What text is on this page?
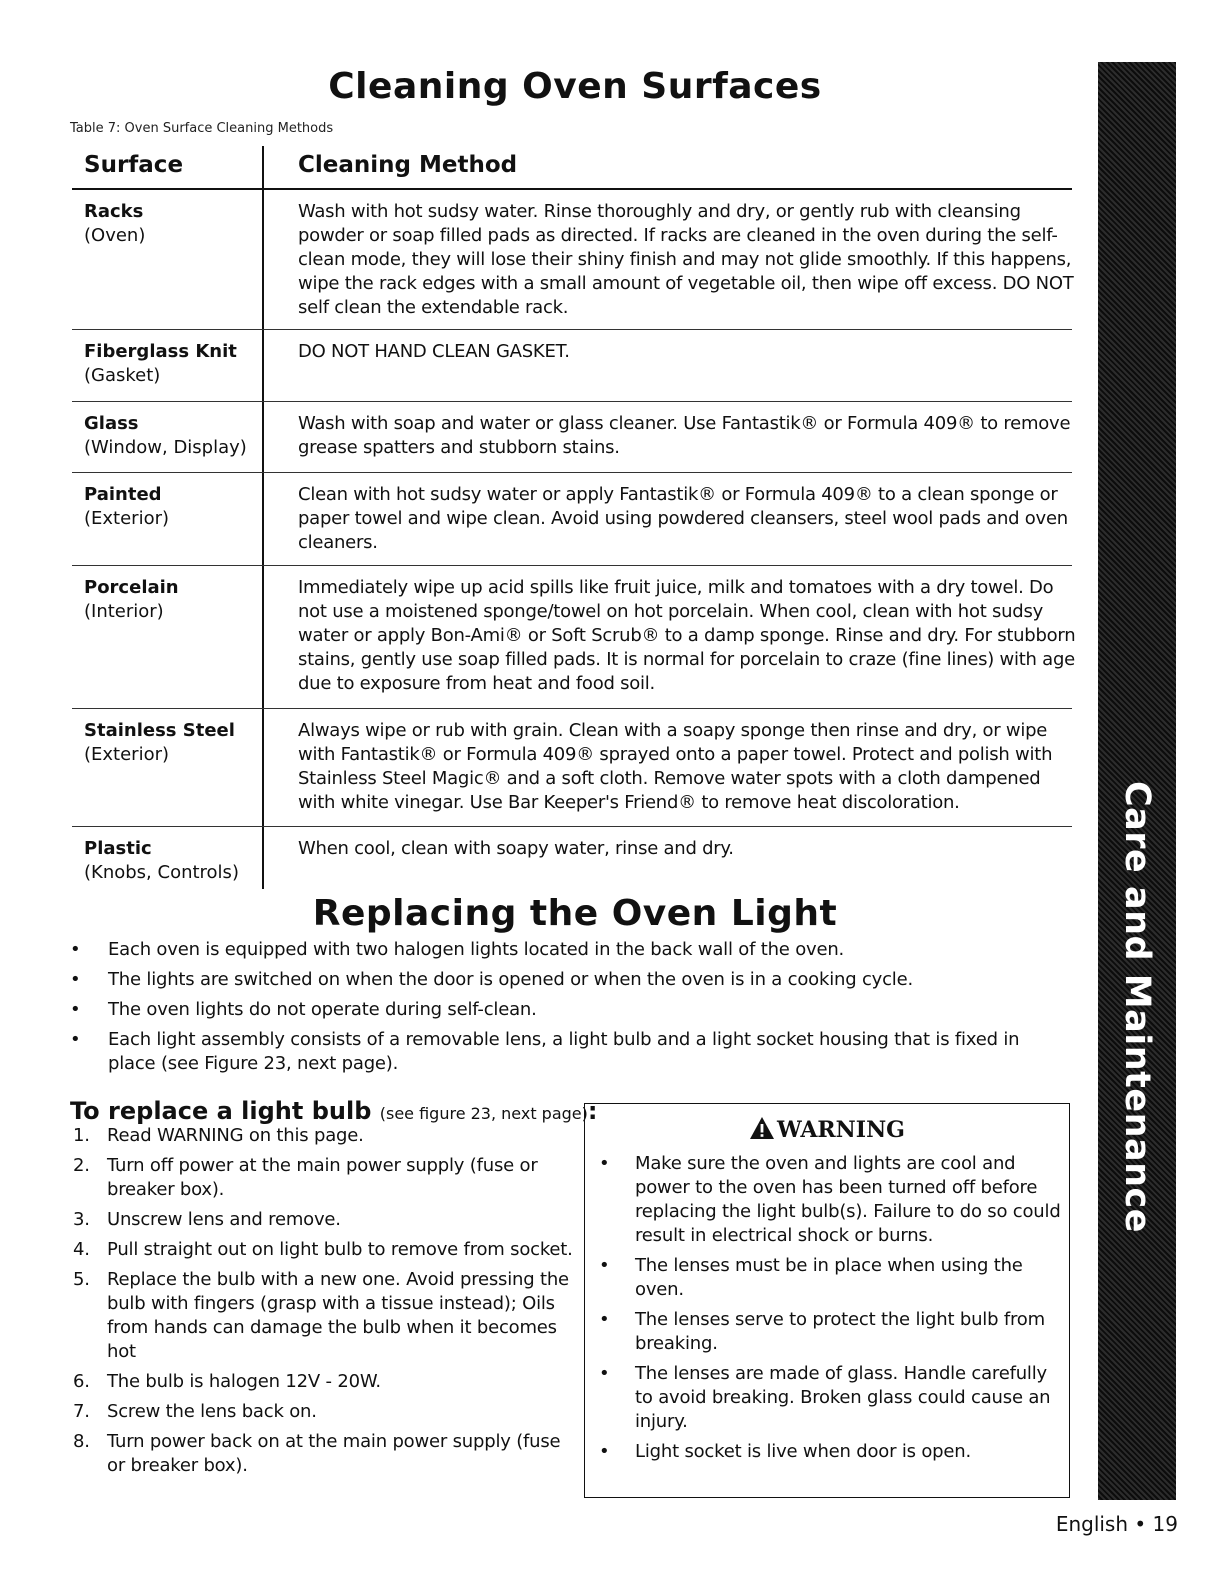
Cleaning Oven Surfaces
Table 7: Oven Surface Cleaning Methods
Surface	Cleaning Method
Racks
(Oven)
Wash with hot sudsy water. Rinse thoroughly and dry, or gently rub with cleansing powder or soap filled pads as directed. If racks are cleaned in the oven during the self-clean mode, they will lose their shiny finish and may not glide smoothly. If this happens, wipe the rack edges with a small amount of vegetable oil, then wipe off excess. DO NOT self clean the extendable rack.
Fiberglass Knit
(Gasket)
DO NOT HAND CLEAN GASKET.
Glass
(Window, Display)
Wash with soap and water or glass cleaner. Use Fantastik® or Formula 409® to remove grease spatters and stubborn stains.
Painted
(Exterior)
Clean with hot sudsy water or apply Fantastik® or Formula 409® to a clean sponge or paper towel and wipe clean. Avoid using powdered cleansers, steel wool pads and oven cleaners.
Porcelain
(Interior)
Immediately wipe up acid spills like fruit juice, milk and tomatoes with a dry towel. Do not use a moistened sponge/towel on hot porcelain. When cool, clean with hot sudsy water or apply Bon-Ami® or Soft Scrub® to a damp sponge. Rinse and dry. For stubborn stains, gently use soap filled pads. It is normal for porcelain to craze (fine lines) with age due to exposure from heat and food soil.
Stainless Steel
(Exterior)
Always wipe or rub with grain. Clean with a soapy sponge then rinse and dry, or wipe with Fantastik® or Formula 409® sprayed onto a paper towel. Protect and polish with Stainless Steel Magic® and a soft cloth. Remove water spots with a cloth dampened with white vinegar. Use Bar Keeper's Friend® to remove heat discoloration.
Plastic
(Knobs, Controls)
When cool, clean with soapy water, rinse and dry.
Replacing the Oven Light
• Each oven is equipped with two halogen lights located in the back wall of the oven.
• The lights are switched on when the door is opened or when the oven is in a cooking cycle.
• The oven lights do not operate during self-clean.
• Each light assembly consists of a removable lens, a light bulb and a light socket housing that is fixed in place (see Figure 23, next page).
To replace a light bulb (see figure 23, next page):
1. Read WARNING on this page.
2. Turn off power at the main power supply (fuse or breaker box).
3. Unscrew lens and remove.
4. Pull straight out on light bulb to remove from socket.
5. Replace the bulb with a new one. Avoid pressing the bulb with fingers (grasp with a tissue instead); Oils from hands can damage the bulb when it becomes hot
6. The bulb is halogen 12V - 20W.
7. Screw the lens back on.
8. Turn power back on at the main power supply (fuse or breaker box).
WARNING
• Make sure the oven and lights are cool and power to the oven has been turned off before replacing the light bulb(s). Failure to do so could result in electrical shock or burns.
• The lenses must be in place when using the oven.
• The lenses serve to protect the light bulb from breaking.
• The lenses are made of glass. Handle carefully to avoid breaking. Broken glass could cause an injury.
• Light socket is live when door is open.
Care and Maintenance
English • 19
